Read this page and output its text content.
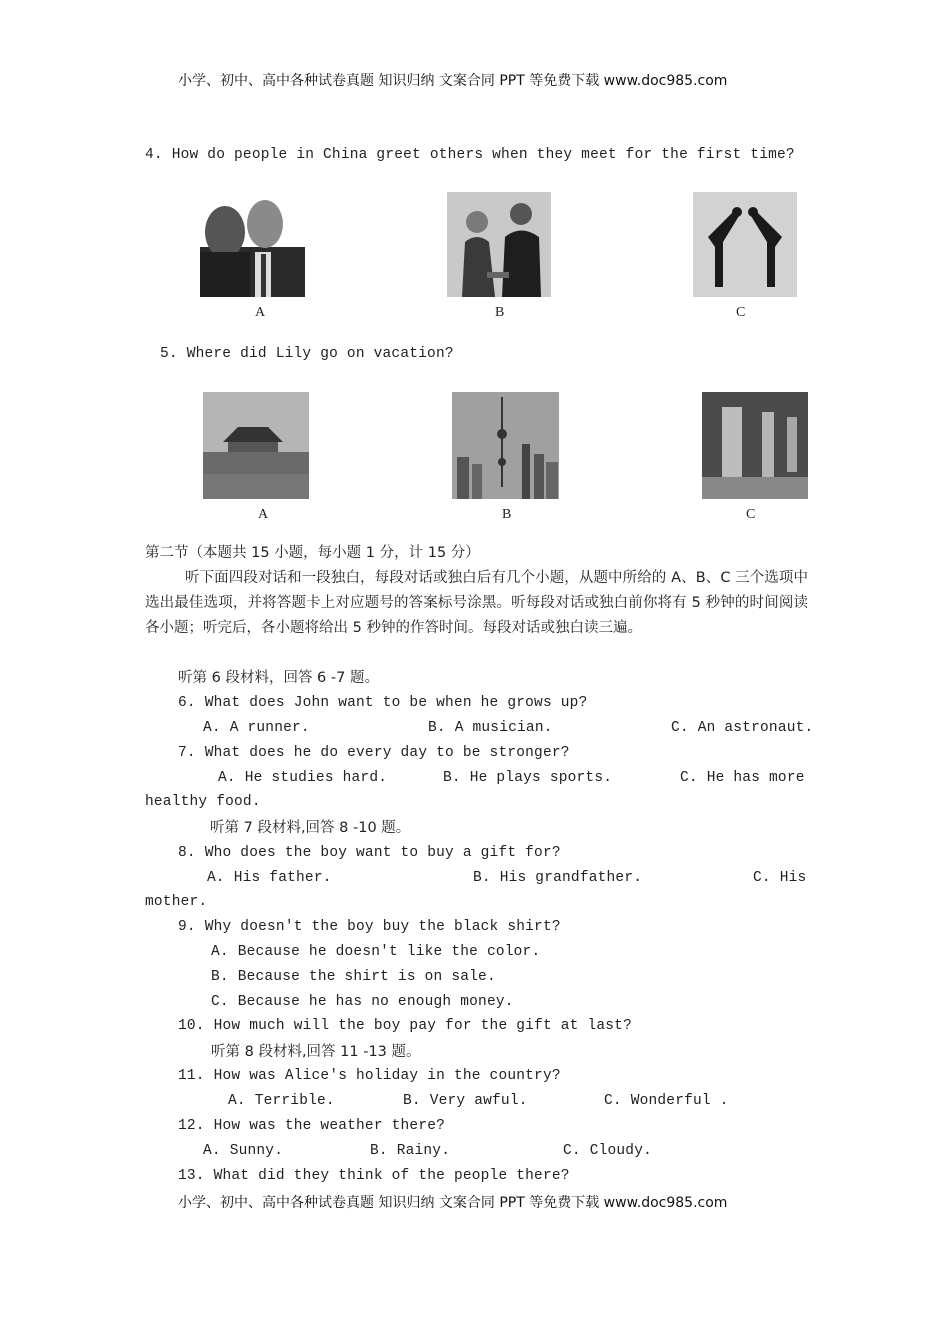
小学、初中、高中各种试卷真题 知识归纳 文案合同 PPT 等免费下载 www.doc985.com
4. How do people in China greet others when they meet for the first time?
A	B	C
5. Where did Lily go on vacation?
A	B	C
第二节（本题共 15 小题，每小题 1 分，计 15 分）
听下面四段对话和一段独白，每段对话或独白后有几个小题，从题中所给的 A、B、C 三个选项中选出最佳选项，并将答题卡上对应题号的答案标号涂黑。听每段对话或独白前你将有 5 秒钟的时间阅读各小题；听完后，各小题将给出 5 秒钟的作答时间。每段对话或独白读三遍。
听第 6 段材料，回答 6 -7 题。
6. What does John want to be when he grows up?
A. A runner.	B. A musician.	C. An astronaut.
7. What does he do every day to be stronger?
A. He studies hard.	B. He plays sports.	C. He has more
healthy food.
听第 7 段材料,回答 8 -10 题。
8. Who does the boy want to buy a gift for?
A. His father.	B. His grandfather.	C. His
mother.
9. Why doesn't the boy buy the black shirt?
A. Because he doesn't like the color.
B. Because the shirt is on sale.
C. Because he has no enough money.
10. How much will the boy pay for the gift at last?
听第 8 段材料,回答 11 -13 题。
11. How was Alice's holiday in the country?
A. Terrible.	B. Very awful.	C. Wonderful .
12. How was the weather there?
A. Sunny.	B. Rainy.	C. Cloudy.
13. What did they think of the people there?
小学、初中、高中各种试卷真题 知识归纳 文案合同 PPT 等免费下载 www.doc985.com
